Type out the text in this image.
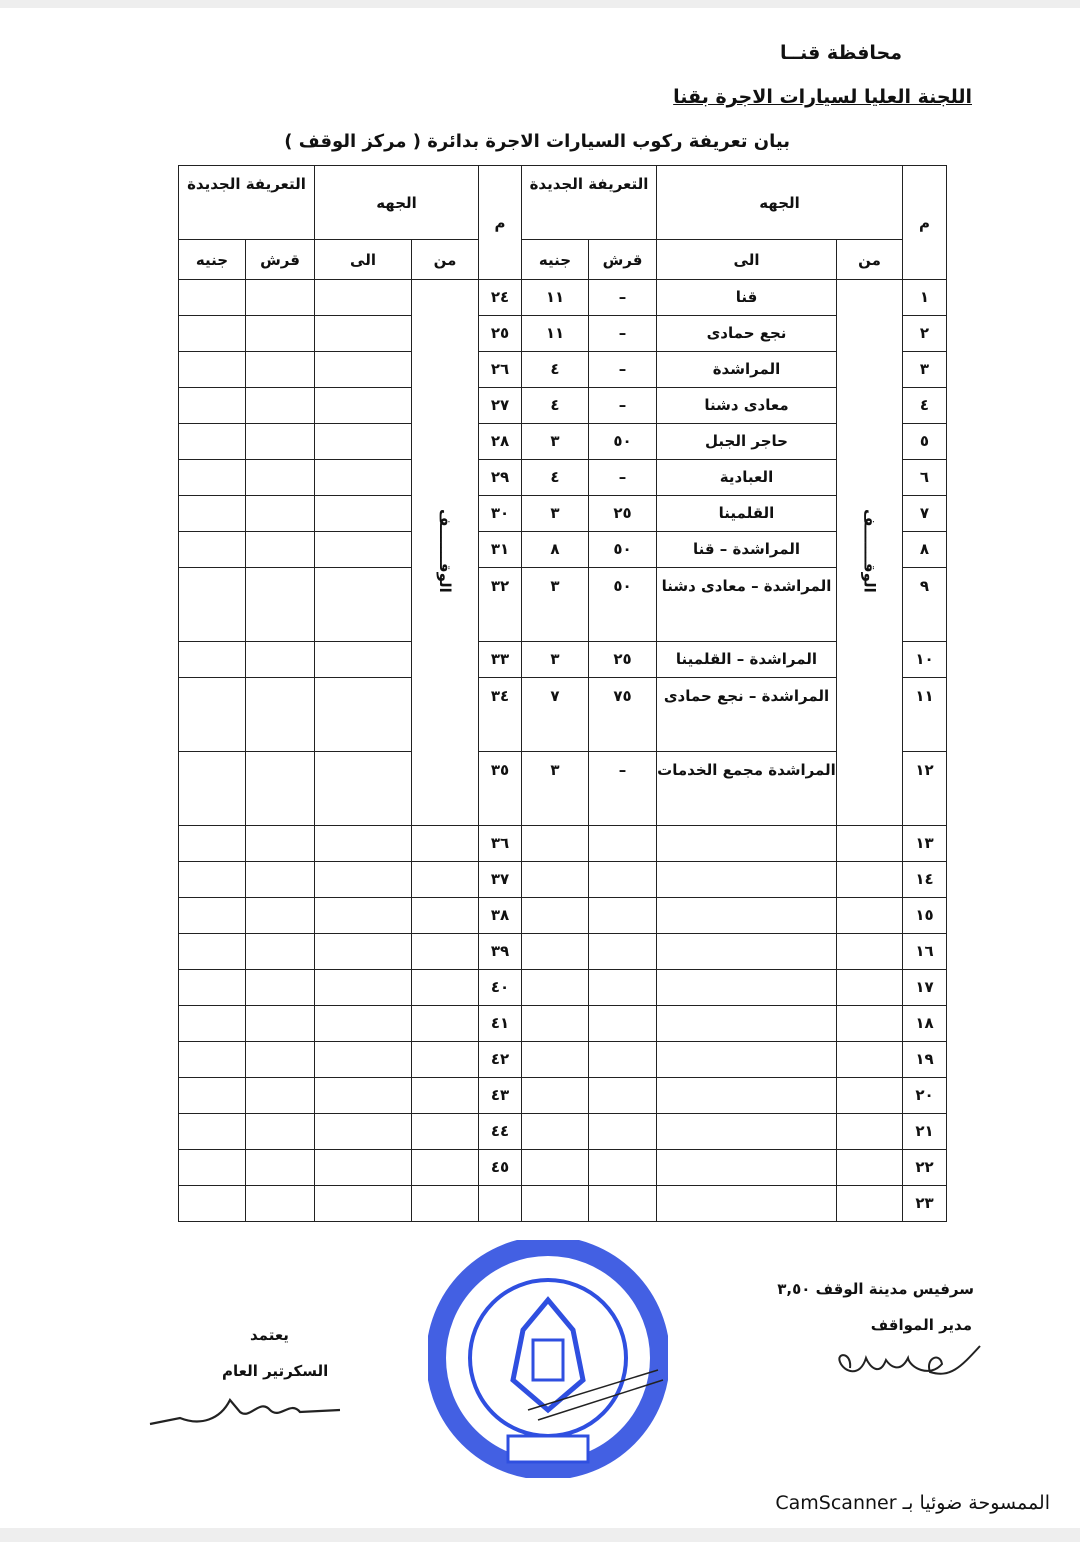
محافظة قنــا
اللجنة العليا لسيارات الاجرة بقنا
بيان تعريفة ركوب السيارات الاجرة بدائرة ( مركز الوقف )
م	الجهه		التعريفة الجديدة		م	الجهه		التعريفة الجديدة	
	من	الى	قرش	جنيه		من	الى	قرش	جنيه
١	الوقـــــــف	قنا	–	١١	٢٤	الوقـــــــف			
٢		نجع حمادى	–	١١	٢٥				
٣		المراشدة	–	٤	٢٦				
٤		معادى دشنا	–	٤	٢٧				
٥		حاجر الجبل	٥٠	٣	٢٨				
٦		العبادية	–	٤	٢٩				
٧		القلمينا	٢٥	٣	٣٠				
٨		المراشدة – قنا	٥٠	٨	٣١				
٩		المراشدة – معادى دشنا	٥٠	٣	٣٢				
١٠		المراشدة – القلمينا	٢٥	٣	٣٣				
١١		المراشدة – نجع حمادى	٧٥	٧	٣٤				
١٢		المراشدة مجمع الخدمات	–	٣	٣٥				
١٣					٣٦				
١٤					٣٧				
١٥					٣٨				
١٦					٣٩				
١٧					٤٠				
١٨					٤١				
١٩					٤٢				
٢٠					٤٣				
٢١					٤٤				
٢٢					٤٥				
٢٣									
سرفيس مدينة الوقف ٣,٥٠
مدير المواقف
يعتمد
السكرتير العام
الممسوحة ضوئيا بـ CamScanner
